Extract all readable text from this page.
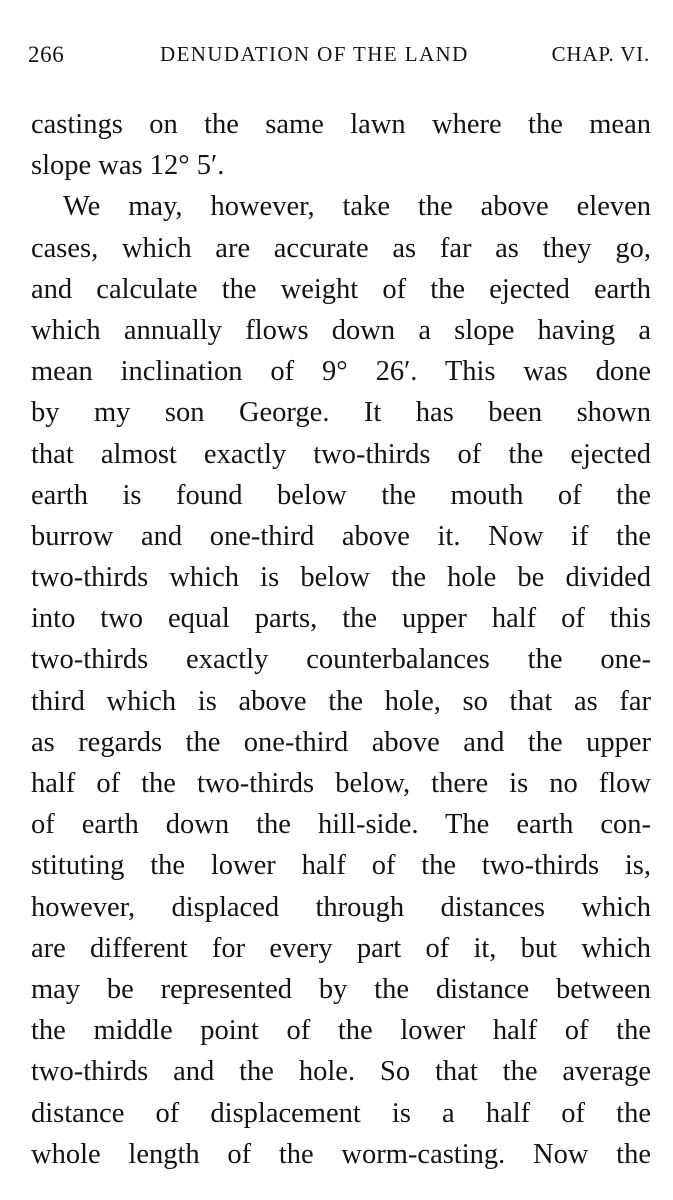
266	DENUDATION OF THE LAND	CHAP. VI.
castings on the same lawn where the mean
slope was 12° 5′.
We may, however, take the above eleven
cases, which are accurate as far as they go,
and calculate the weight of the ejected earth
which annually flows down a slope having a
mean inclination of 9° 26′. This was done
by my son George. It has been shown
that almost exactly two-thirds of the ejected
earth is found below the mouth of the
burrow and one-third above it. Now if the
two-thirds which is below the hole be divided
into two equal parts, the upper half of this
two-thirds exactly counterbalances the one-
third which is above the hole, so that as far
as regards the one-third above and the upper
half of the two-thirds below, there is no flow
of earth down the hill-side. The earth con-
stituting the lower half of the two-thirds is,
however, displaced through distances which
are different for every part of it, but which
may be represented by the distance between
the middle point of the lower half of the
two-thirds and the hole. So that the average
distance of displacement is a half of the
whole length of the worm-casting. Now the
